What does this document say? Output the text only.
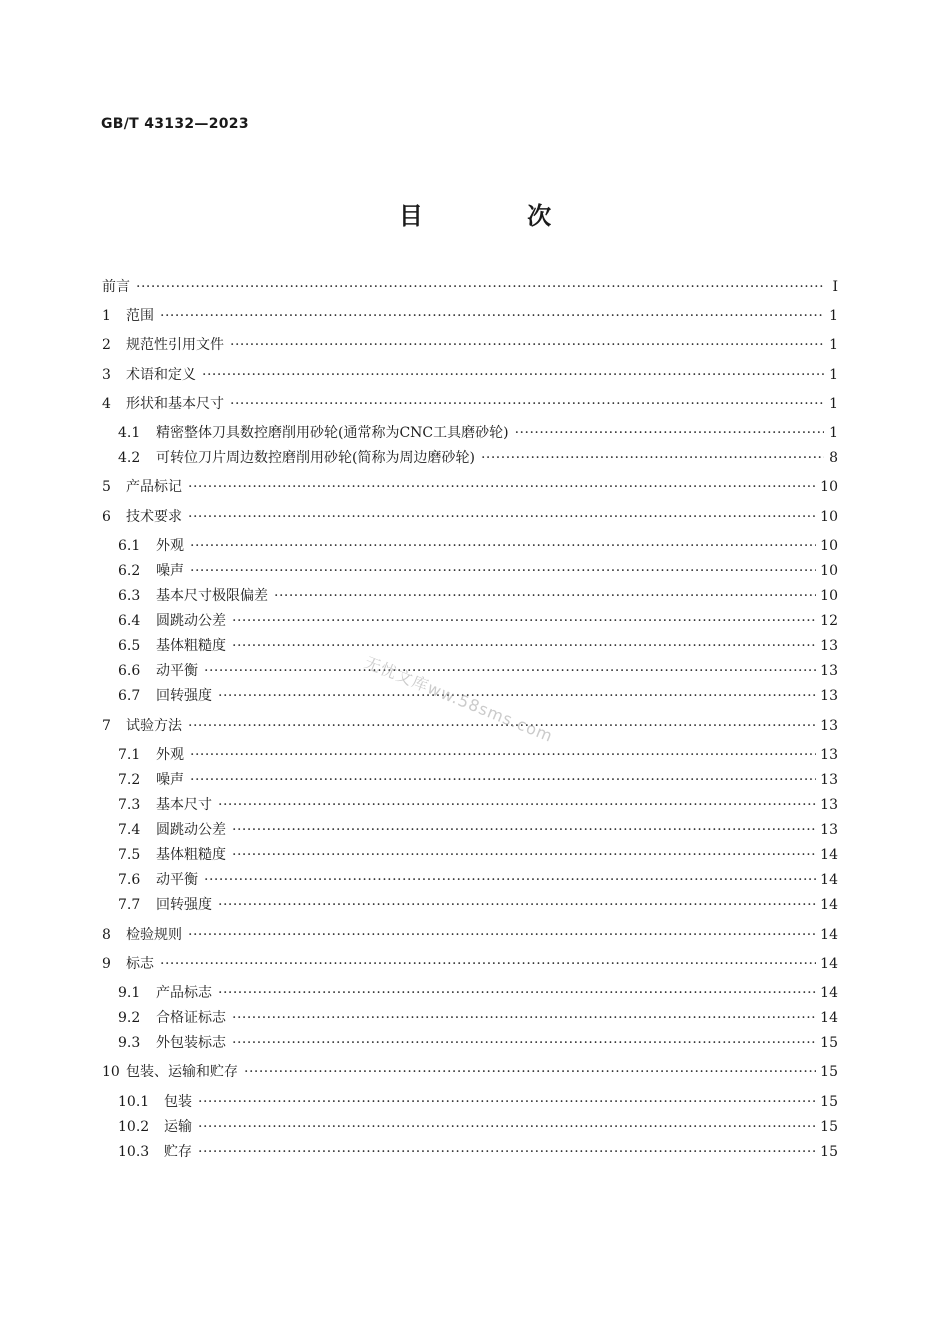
GB/T 43132—2023
目 次
前言 ·····	I
1	范围 ·····	1
2	规范性引用文件 ·····	1
3	术语和定义 ·····	1
4	形状和基本尺寸 ·····	1
4.1	精密整体刀具数控磨削用砂轮(通常称为CNC工具磨砂轮) ·····	1
4.2	可转位刀片周边数控磨削用砂轮(简称为周边磨砂轮) ·····	8
5	产品标记 ·····	10
6	技术要求 ·····	10
6.1	外观 ·····	10
6.2	噪声 ·····	10
6.3	基本尺寸极限偏差 ·····	10
6.4	圆跳动公差 ·····	12
6.5	基体粗糙度 ·····	13
6.6	动平衡 ·····	13
6.7	回转强度 ·····	13
7	试验方法 ·····	13
7.1	外观 ·····	13
7.2	噪声 ·····	13
7.3	基本尺寸 ·····	13
7.4	圆跳动公差 ·····	13
7.5	基体粗糙度 ·····	14
7.6	动平衡 ·····	14
7.7	回转强度 ·····	14
8	检验规则 ·····	14
9	标志 ·····	14
9.1	产品标志 ·····	14
9.2	合格证标志 ·····	14
9.3	外包装标志 ·····	15
10 包装、运输和贮存 ·····	15
10.1	包装 ·····	15
10.2	运输 ·····	15
10.3	贮存 ·····	15
无忧文库ww.58sms.com
